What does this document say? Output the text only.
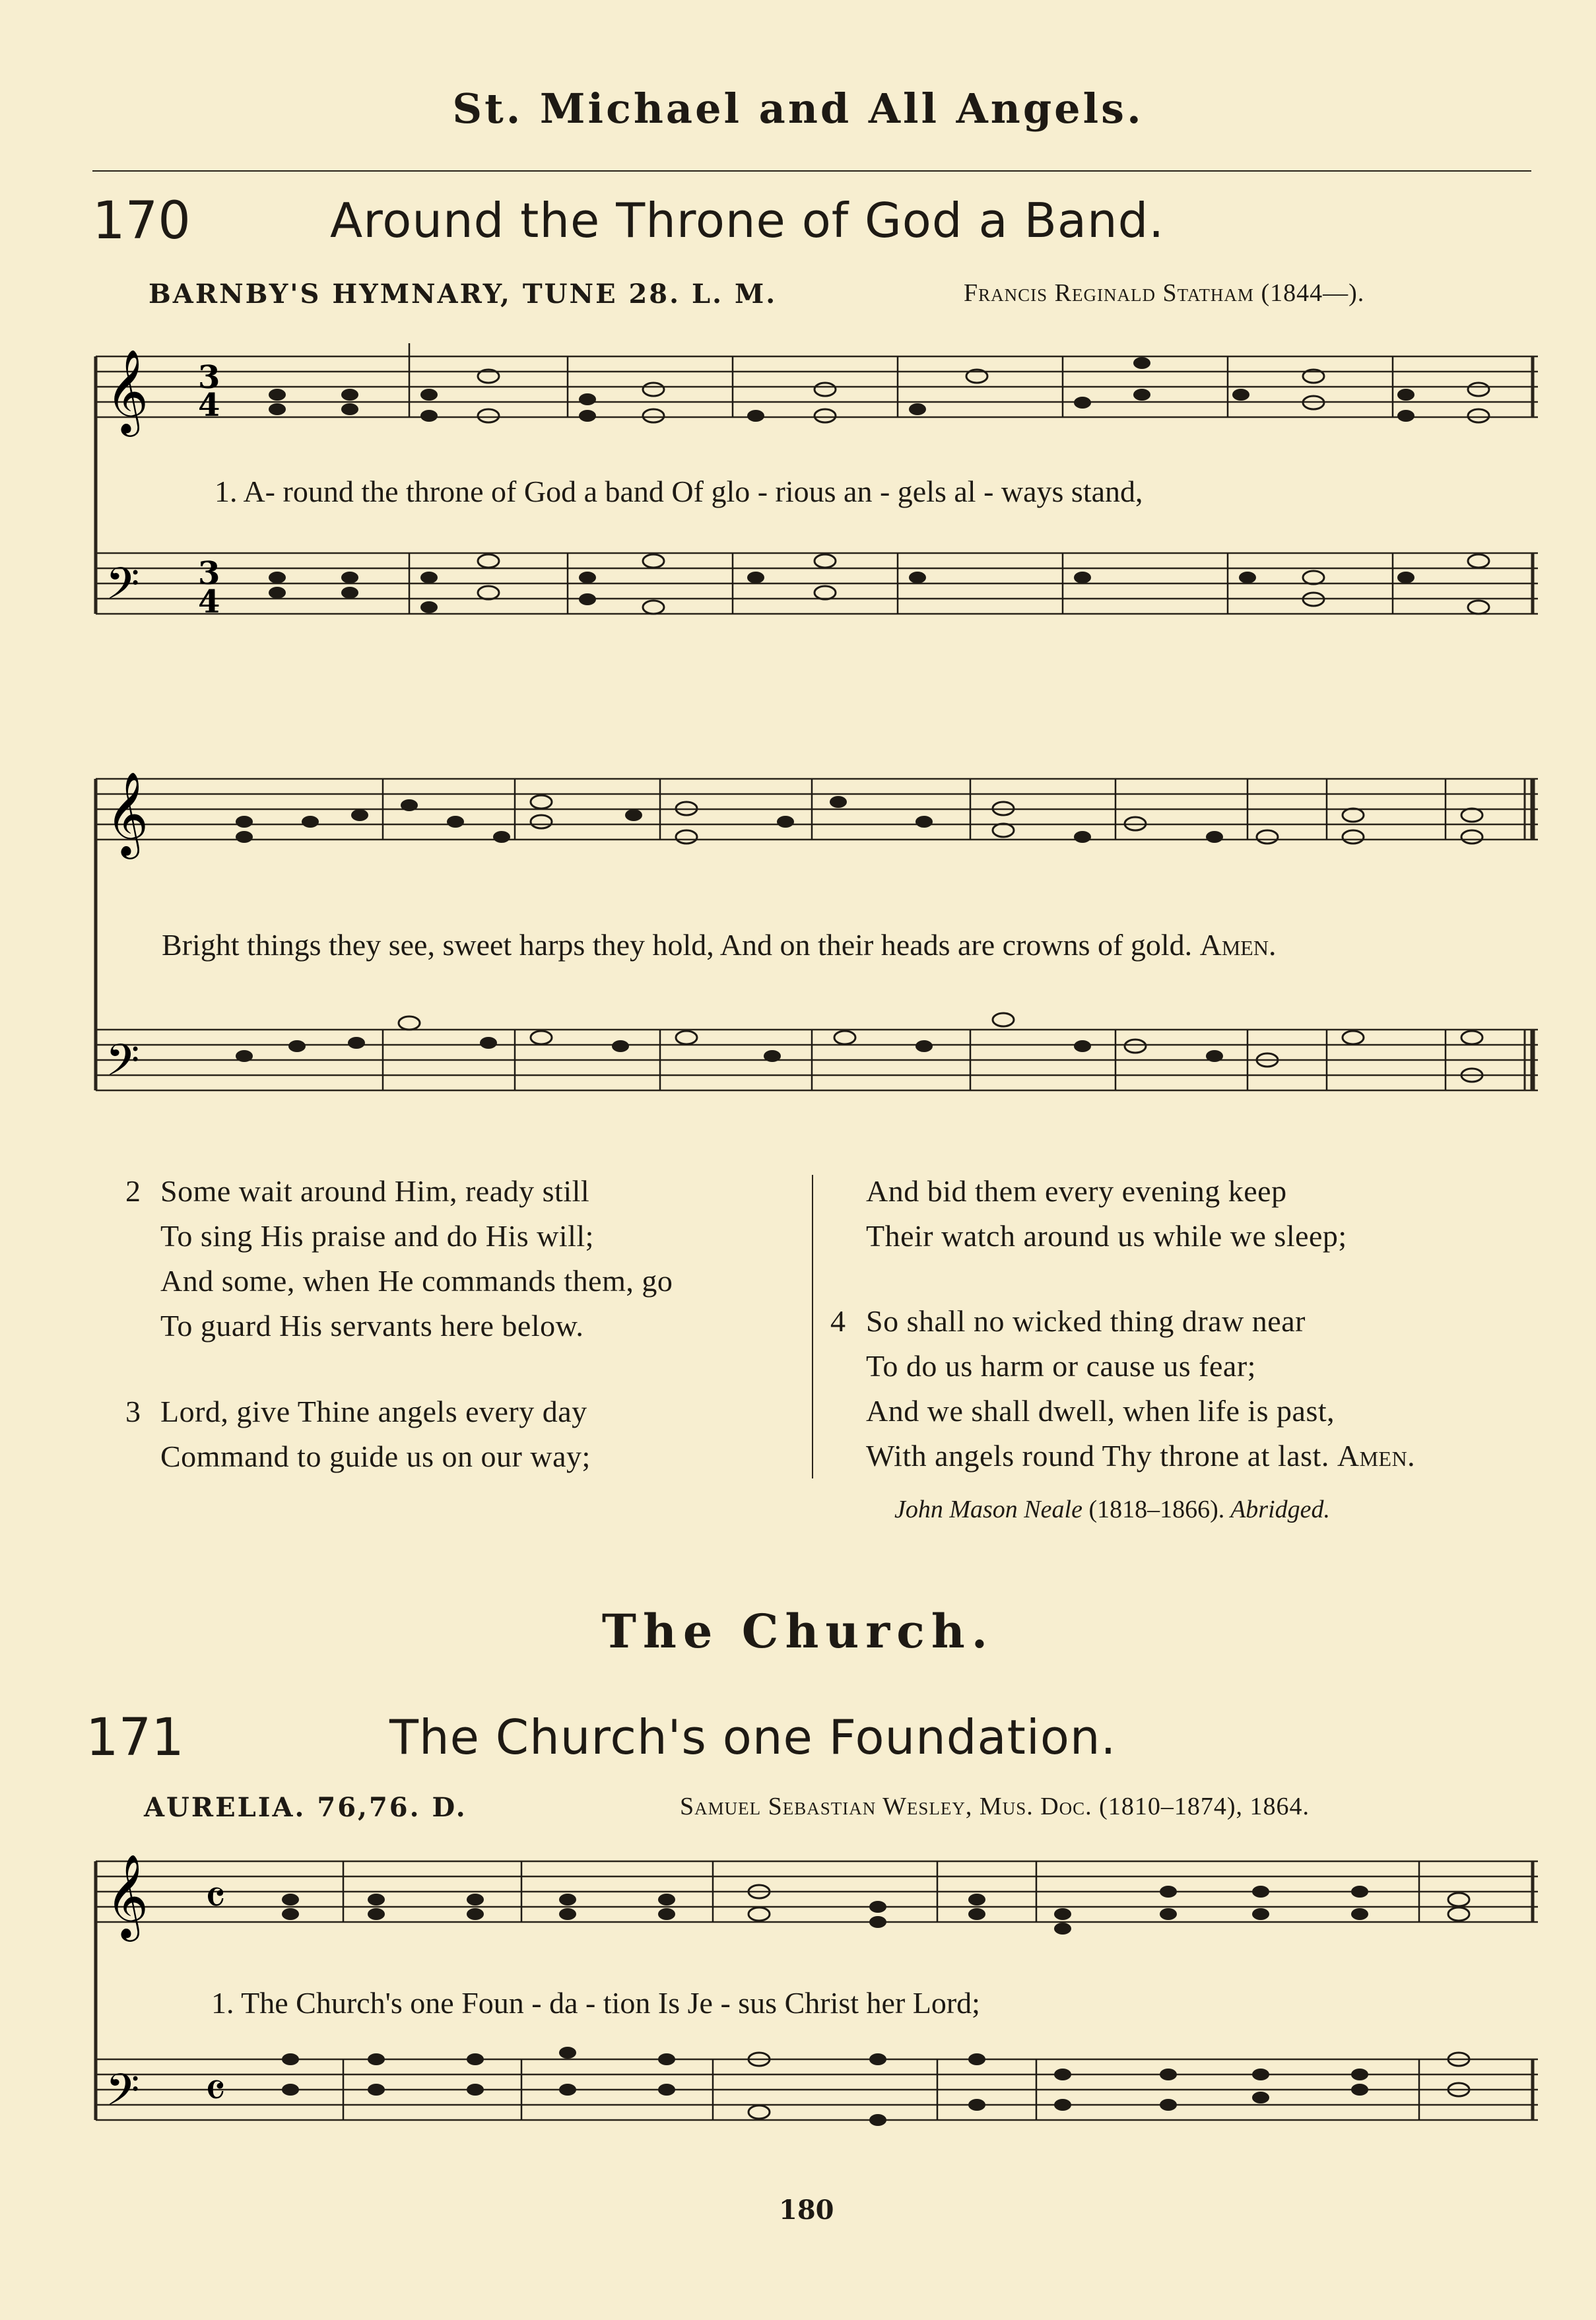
St. Michael and All Angels.
170	Around the Throne of God a Band.
BARNBY'S HYMNARY, TUNE 28. L. M.	Francis Reginald Statham (1844—).
𝄞
𝄢
3
4
3
4
1. A- round the throne of God a band Of glo - rious an - gels al - ways stand,
𝄞
𝄢
Bright things they see, sweet harps they hold, And on their heads are crowns of gold. Amen.
2 Some wait around Him, ready still
To sing His praise and do His will;
And some, when He commands them, go
To guard His servants here below.
3 Lord, give Thine angels every day
Command to guide us on our way;
And bid them every evening keep
Their watch around us while we sleep;
4 So shall no wicked thing draw near
To do us harm or cause us fear;
And we shall dwell, when life is past,
With angels round Thy throne at last. Amen.
John Mason Neale (1818–1866). Abridged.
The Church.
171	The Church's one Foundation.
AURELIA. 76,76. D.	Samuel Sebastian Wesley, Mus. Doc. (1810–1874), 1864.
𝄞
𝄢
𝄴
𝄴
1. The Church's one Foun - da - tion Is Je - sus Christ her Lord;
180
